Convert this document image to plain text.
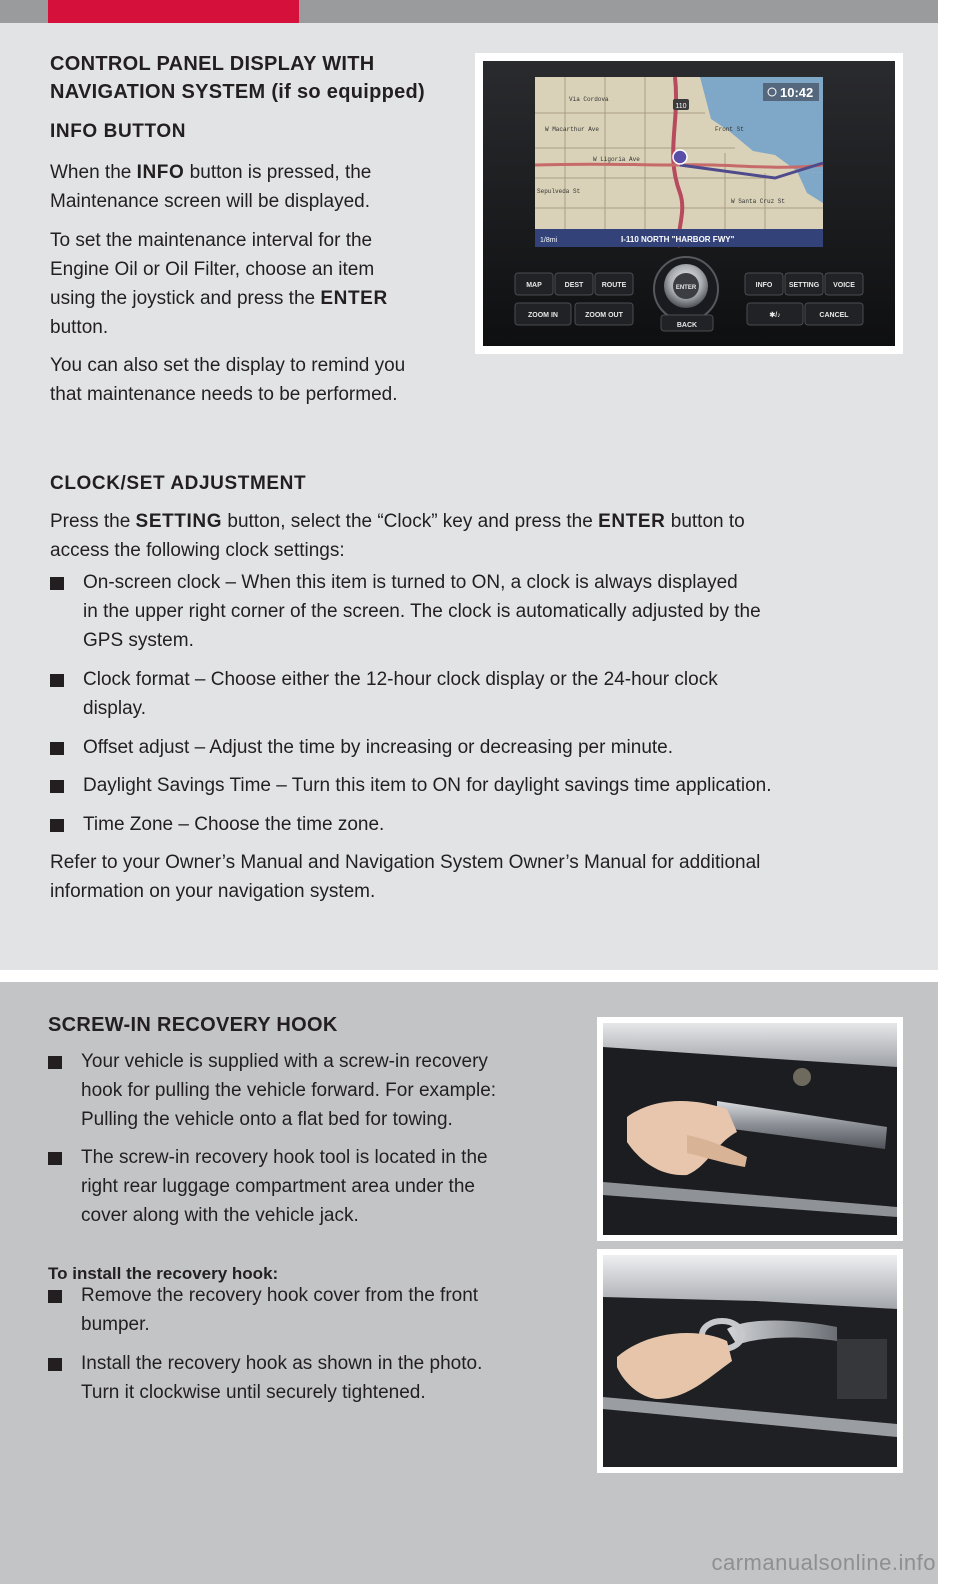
CONTROL PANEL DISPLAY WITH
NAVIGATION SYSTEM (if so equipped)
INFO BUTTON
When the INFO button is pressed, the
Maintenance screen will be displayed.
To set the maintenance interval for the
Engine Oil or Oil Filter, choose an item
using the joystick and press the ENTER
button.
You can also set the display to remind you
that maintenance needs to be performed.
110
Via Cordova
W Macarthur Ave
W Ligoria Ave
W Santa Cruz St
Sepulveda St
Front St
10:42
1/8mi	I-110 NORTH "HARBOR FWY"
MAP	DEST	ROUTE
ZOOM IN	ZOOM OUT
INFO SETTING VOICE
✱/♪	CANCEL
ENTER
BACK
CLOCK/SET ADJUSTMENT
Press the SETTING button, select the “Clock” key and press the ENTER button to
access the following clock settings:
On-screen clock – When this item is turned to ON, a clock is always displayed
in the upper right corner of the screen. The clock is automatically adjusted by the
GPS system.
Clock format – Choose either the 12-hour clock display or the 24-hour clock
display.
Offset adjust – Adjust the time by increasing or decreasing per minute.
Daylight Savings Time – Turn this item to ON for daylight savings time application.
Time Zone – Choose the time zone.
Refer to your Owner’s Manual and Navigation System Owner’s Manual for additional
information on your navigation system.
SCREW-IN RECOVERY HOOK
Your vehicle is supplied with a screw-in recovery
hook for pulling the vehicle forward. For example:
Pulling the vehicle onto a flat bed for towing.
The screw-in recovery hook tool is located in the
right rear luggage compartment area under the
cover along with the vehicle jack.
To install the recovery hook:
Remove the recovery hook cover from the front
bumper.
Install the recovery hook as shown in the photo.
Turn it clockwise until securely tightened.
carmanualsonline.info
